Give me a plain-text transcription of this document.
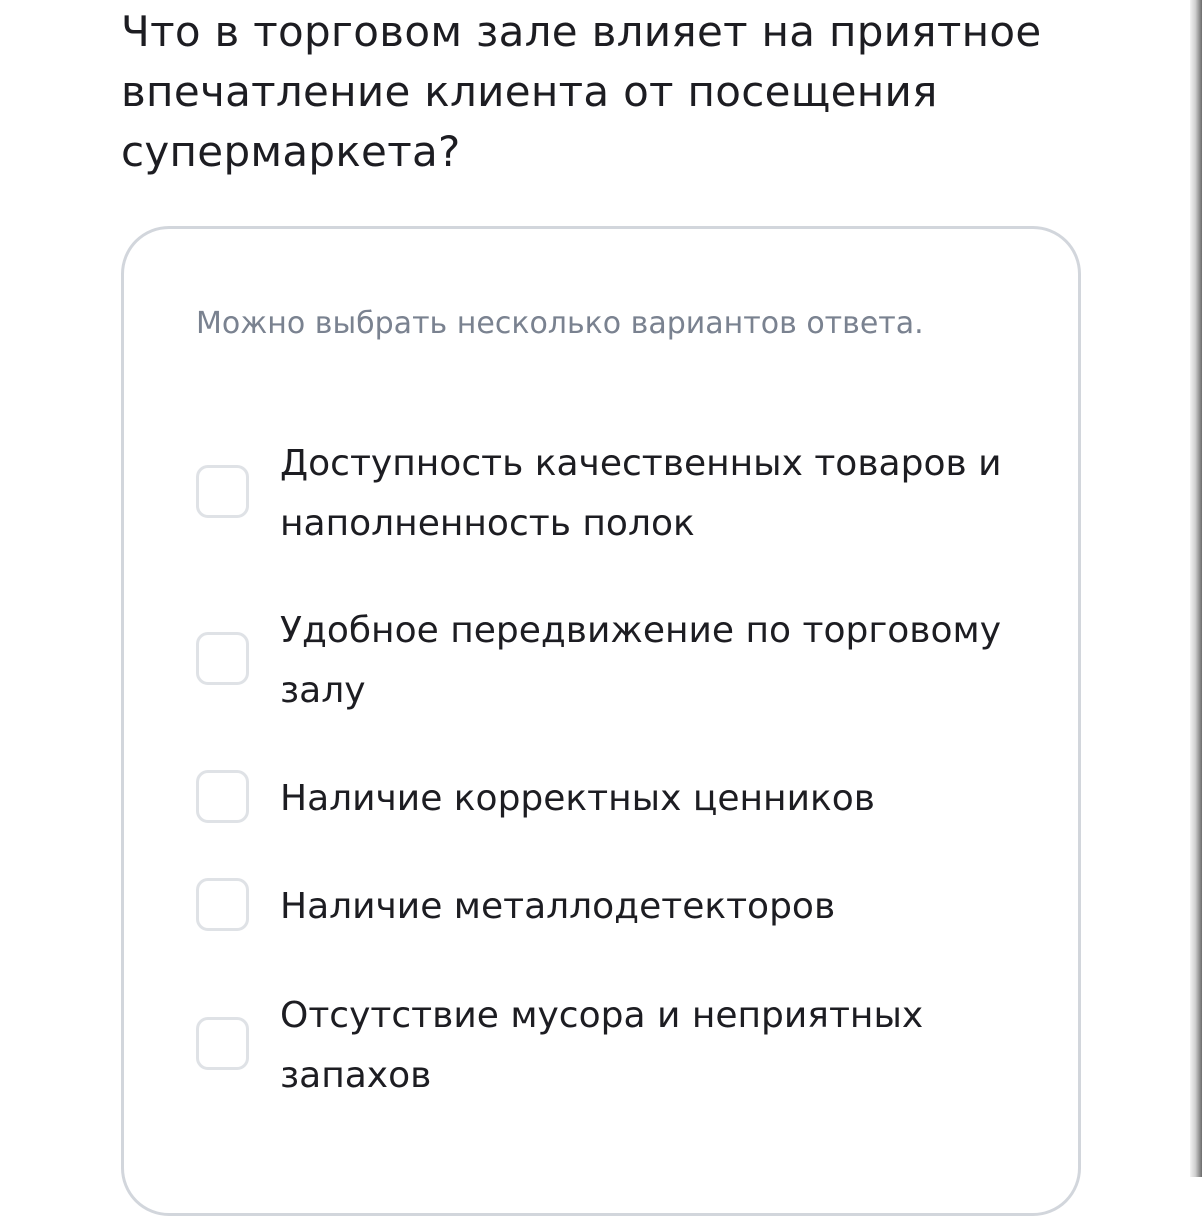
Что в торговом зале влияет на приятное впечатление клиента от посещения супермаркета?
Можно выбрать несколько вариантов ответа.
Доступность качественных товаров и наполненность полок
Удобное передвижение по торговому залу
Наличие корректных ценников
Наличие металлодетекторов
Отсутствие мусора и неприятных запахов
